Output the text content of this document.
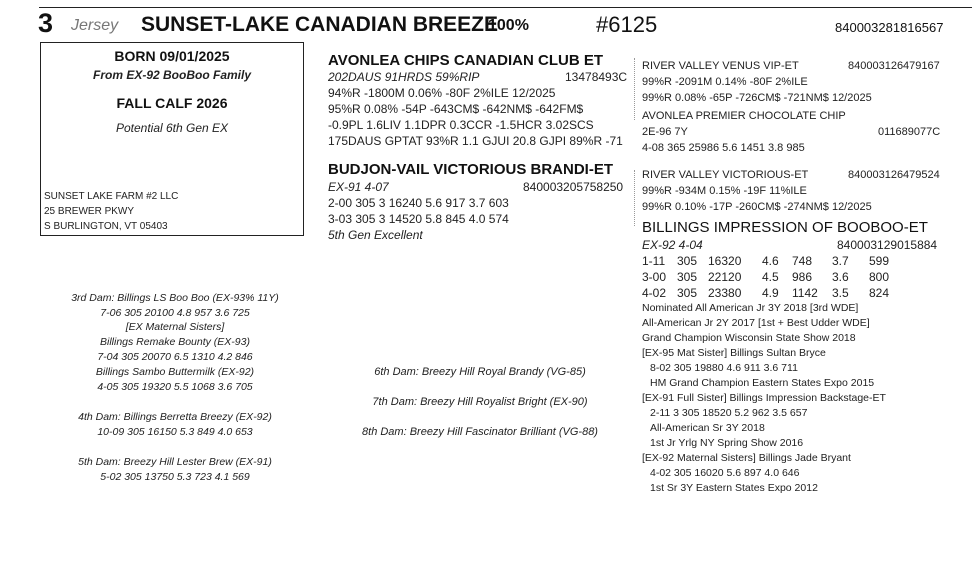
3 Jersey SUNSET-LAKE CANADIAN BREEZE
100%	#6125	840003281816567
BORN 09/01/2025
From EX-92 BooBoo Family
FALL CALF 2026
Potential 6th Gen EX
SUNSET LAKE FARM #2 LLC
25 BREWER PKWY
S BURLINGTON, VT 05403
AVONLEA CHIPS CANADIAN CLUB ET
202DAUS 91HRDS 59%RIP	13478493C
94%R -1800M 0.06% -80F 2%ILE 12/2025
95%R 0.08% -54P -643CM$ -642NM$ -642FM$
-0.9PL 1.6LIV 1.1DPR 0.3CCR -1.5HCR 3.02SCS
175DAUS GPTAT 93%R 1.1 GJUI 20.8 GJPI 89%R -71
BUDJON-VAIL VICTORIOUS BRANDI-ET
EX-91 4-07	840003205758250
2-00 305 3 16240 5.6 917 3.7 603
3-03 305 3 14520 5.8 845 4.0 574
5th Gen Excellent
RIVER VALLEY VENUS VIP-ET	840003126479167
99%R -2091M 0.14% -80F 2%ILE
99%R 0.08% -65P -726CM$ -721NM$ 12/2025
AVONLEA PREMIER CHOCOLATE CHIP
2E-96 7Y	011689077C
4-08 365 25986 5.6 1451 3.8 985
RIVER VALLEY VICTORIOUS-ET	840003126479524
99%R -934M 0.15% -19F 11%ILE
99%R 0.10% -17P -260CM$ -274NM$ 12/2025
BILLINGS IMPRESSION OF BOOBOO-ET
EX-92 4-04	840003129015884
1-11 305 16320 4.6 748 3.7 599
3-00 305 22120 4.5 986 3.6 800
4-02 305 23380 4.9 1142 3.5 824
Nominated All American Jr 3Y 2018 [3rd WDE]
All-American Jr 2Y 2017 [1st + Best Udder WDE]
Grand Champion Wisconsin State Show 2018
[EX-95 Mat Sister] Billings Sultan Bryce
8-02 305 19880 4.6 911 3.6 711
HM Grand Champion Eastern States Expo 2015
[EX-91 Full Sister] Billings Impression Backstage-ET
2-11 3 305 18520 5.2 962 3.5 657
All-American Sr 3Y 2018
1st Jr Yrlg NY Spring Show 2016
[EX-92 Maternal Sisters] Billings Jade Bryant
4-02 305 16020 5.6 897 4.0 646
1st Sr 3Y Eastern States Expo 2012
3rd Dam: Billings LS Boo Boo (EX-93% 11Y)
7-06 305 20100 4.8 957 3.6 725
[EX Maternal Sisters]
Billings Remake Bounty (EX-93)
7-04 305 20070 6.5 1310 4.2 846
Billings Sambo Buttermilk (EX-92)
4-05 305 19320 5.5 1068 3.6 705
4th Dam: Billings Berretta Breezy (EX-92)
10-09 305 16150 5.3 849 4.0 653
5th Dam: Breezy Hill Lester Brew (EX-91)
5-02 305 13750 5.3 723 4.1 569
6th Dam: Breezy Hill Royal Brandy (VG-85)
7th Dam: Breezy Hill Royalist Bright (EX-90)
8th Dam: Breezy Hill Fascinator Brilliant (VG-88)
